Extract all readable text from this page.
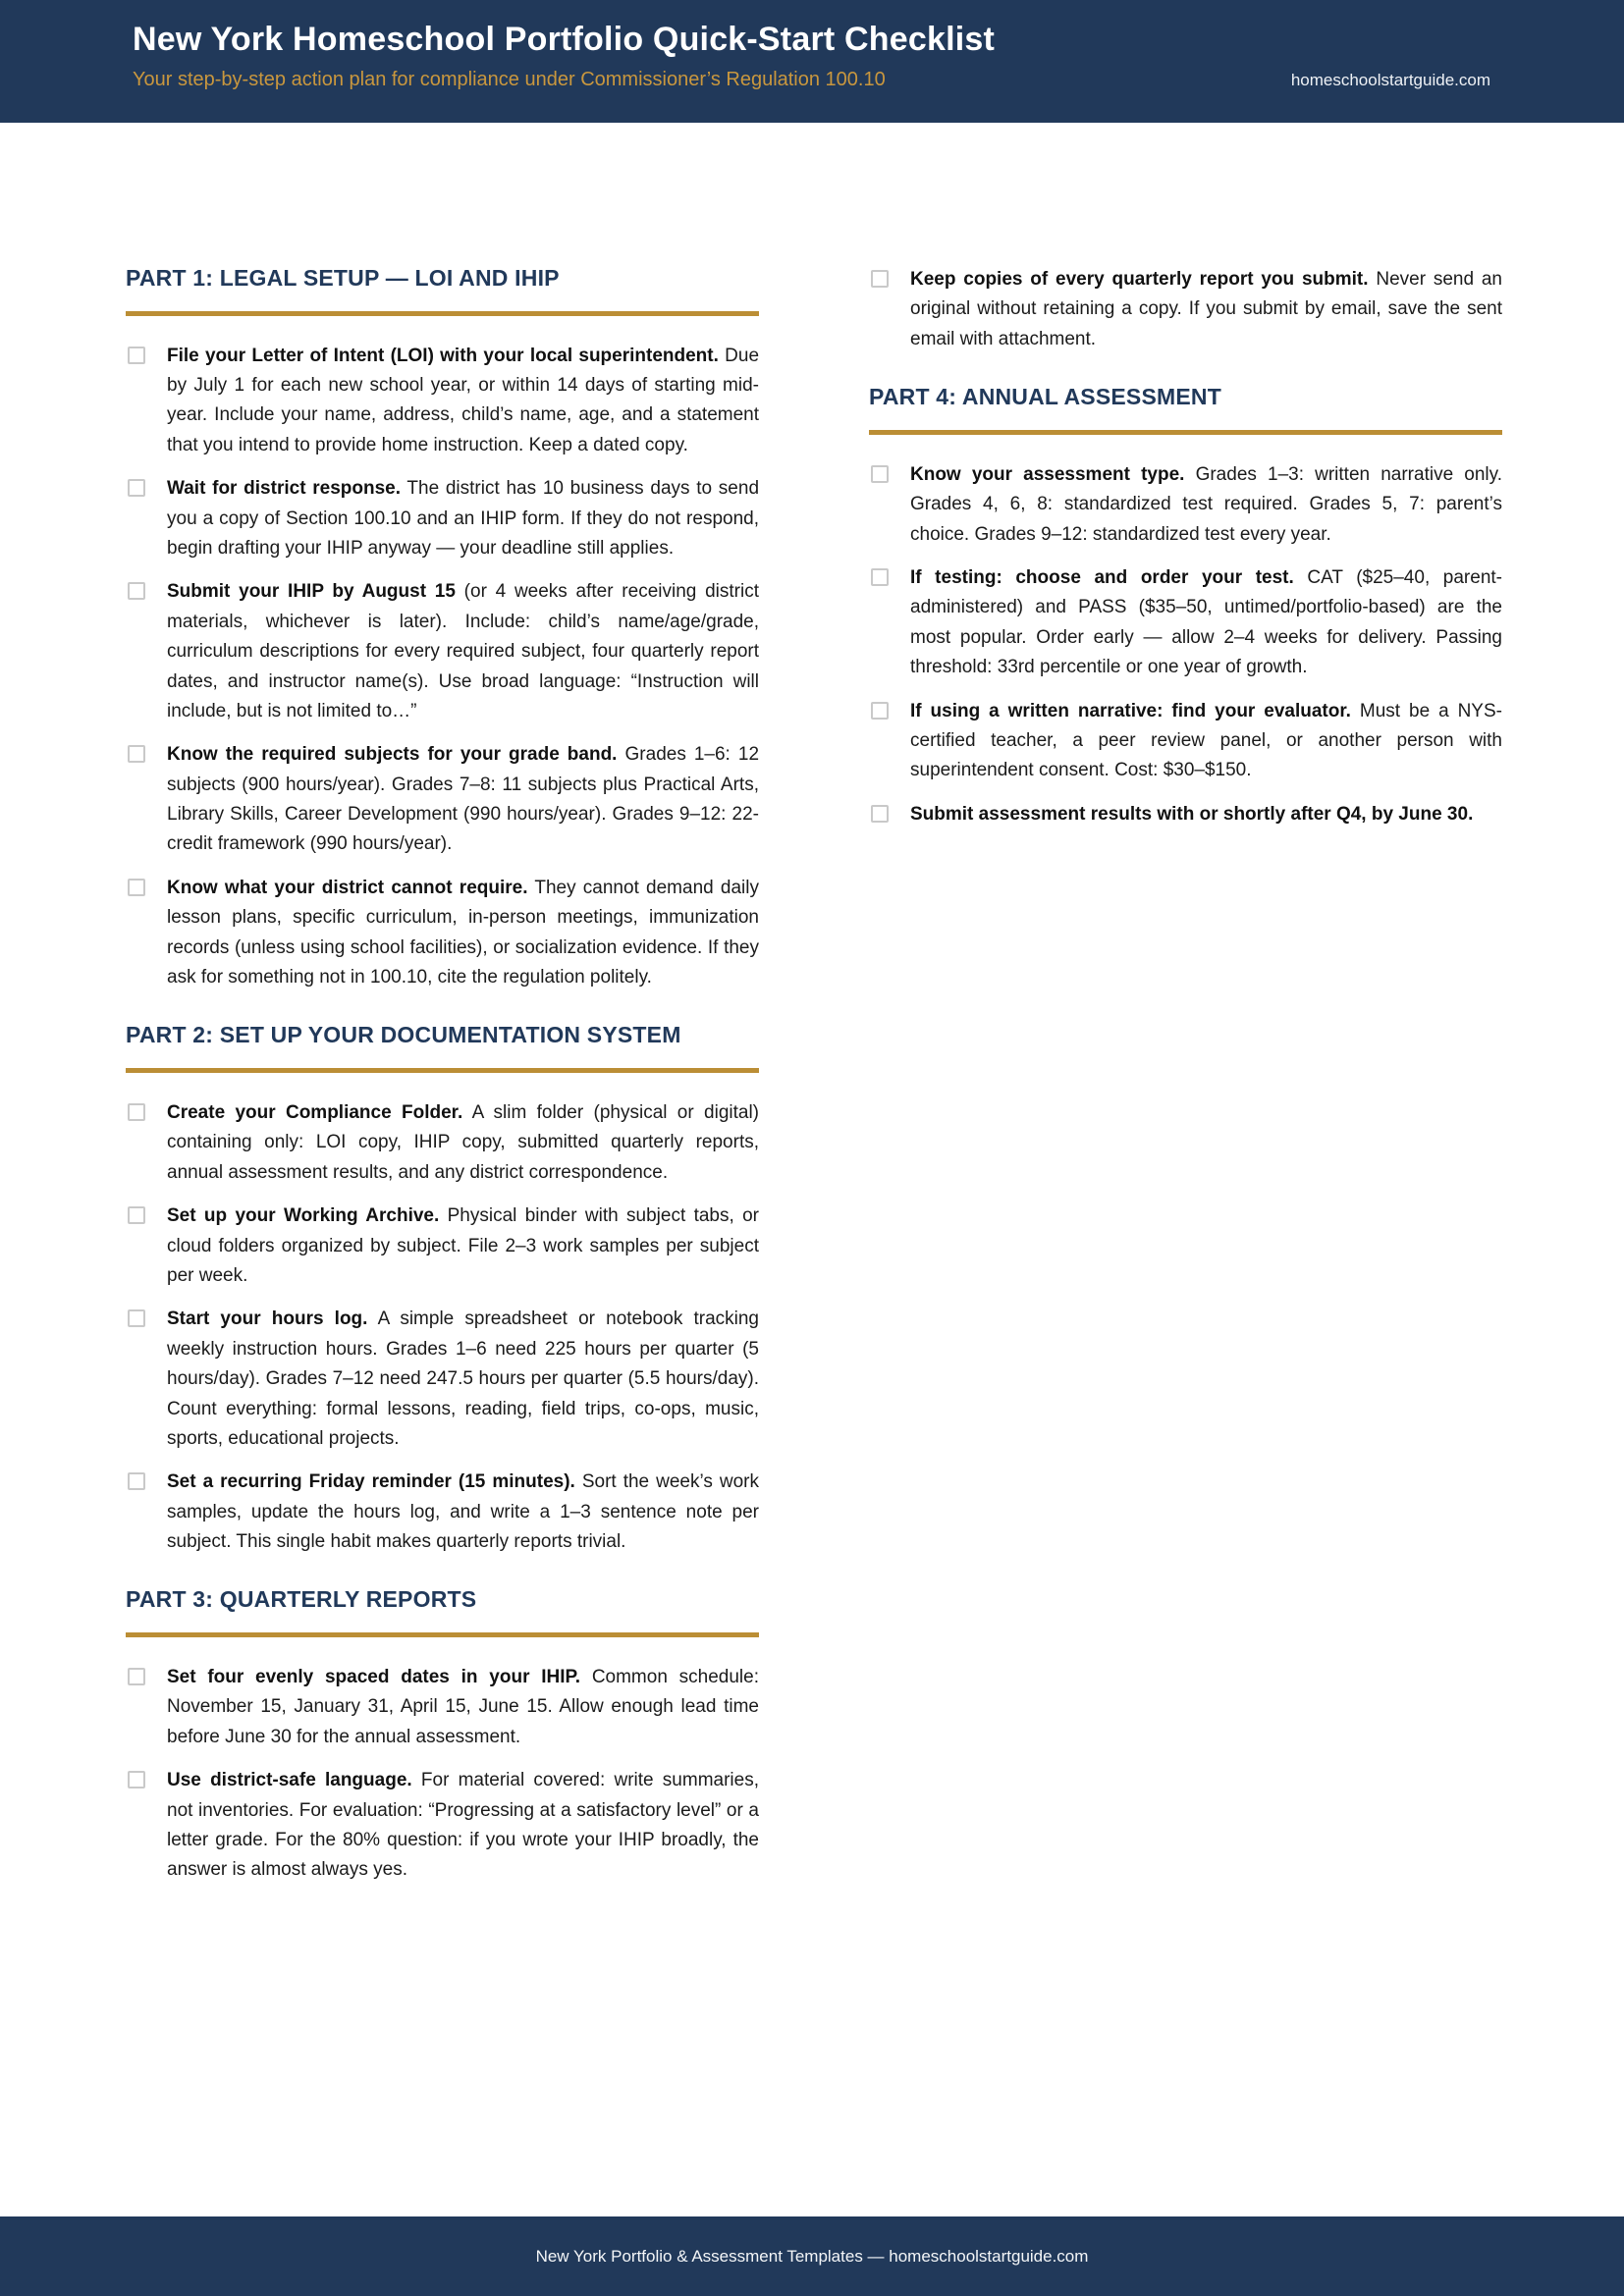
New York Homeschool Portfolio Quick-Start Checklist
Your step-by-step action plan for compliance under Commissioner’s Regulation 100.10	homeschoolstartguide.com
PART 1: LEGAL SETUP — LOI AND IHIP
File your Letter of Intent (LOI) with your local superintendent. Due by July 1 for each new school year, or within 14 days of starting mid-year. Include your name, address, child’s name, age, and a statement that you intend to provide home instruction. Keep a dated copy.
Wait for district response. The district has 10 business days to send you a copy of Section 100.10 and an IHIP form. If they do not respond, begin drafting your IHIP anyway — your deadline still applies.
Submit your IHIP by August 15 (or 4 weeks after receiving district materials, whichever is later). Include: child’s name/age/grade, curriculum descriptions for every required subject, four quarterly report dates, and instructor name(s). Use broad language: “Instruction will include, but is not limited to…”
Know the required subjects for your grade band. Grades 1–6: 12 subjects (900 hours/year). Grades 7–8: 11 subjects plus Practical Arts, Library Skills, Career Development (990 hours/year). Grades 9–12: 22-credit framework (990 hours/year).
Know what your district cannot require. They cannot demand daily lesson plans, specific curriculum, in-person meetings, immunization records (unless using school facilities), or socialization evidence. If they ask for something not in 100.10, cite the regulation politely.
PART 2: SET UP YOUR DOCUMENTATION SYSTEM
Create your Compliance Folder. A slim folder (physical or digital) containing only: LOI copy, IHIP copy, submitted quarterly reports, annual assessment results, and any district correspondence.
Set up your Working Archive. Physical binder with subject tabs, or cloud folders organized by subject. File 2–3 work samples per subject per week.
Start your hours log. A simple spreadsheet or notebook tracking weekly instruction hours. Grades 1–6 need 225 hours per quarter (5 hours/day). Grades 7–12 need 247.5 hours per quarter (5.5 hours/day). Count everything: formal lessons, reading, field trips, co-ops, music, sports, educational projects.
Set a recurring Friday reminder (15 minutes). Sort the week’s work samples, update the hours log, and write a 1–3 sentence note per subject. This single habit makes quarterly reports trivial.
PART 3: QUARTERLY REPORTS
Set four evenly spaced dates in your IHIP. Common schedule: November 15, January 31, April 15, June 15. Allow enough lead time before June 30 for the annual assessment.
Use district-safe language. For material covered: write summaries, not inventories. For evaluation: “Progressing at a satisfactory level” or a letter grade. For the 80% question: if you wrote your IHIP broadly, the answer is almost always yes.
Keep copies of every quarterly report you submit. Never send an original without retaining a copy. If you submit by email, save the sent email with attachment.
PART 4: ANNUAL ASSESSMENT
Know your assessment type. Grades 1–3: written narrative only. Grades 4, 6, 8: standardized test required. Grades 5, 7: parent’s choice. Grades 9–12: standardized test every year.
If testing: choose and order your test. CAT ($25–40, parent-administered) and PASS ($35–50, untimed/portfolio-based) are the most popular. Order early — allow 2–4 weeks for delivery. Passing threshold: 33rd percentile or one year of growth.
If using a written narrative: find your evaluator. Must be a NYS-certified teacher, a peer review panel, or another person with superintendent consent. Cost: $30–$150.
Submit assessment results with or shortly after Q4, by June 30.
New York Portfolio & Assessment Templates — homeschoolstartguide.com
